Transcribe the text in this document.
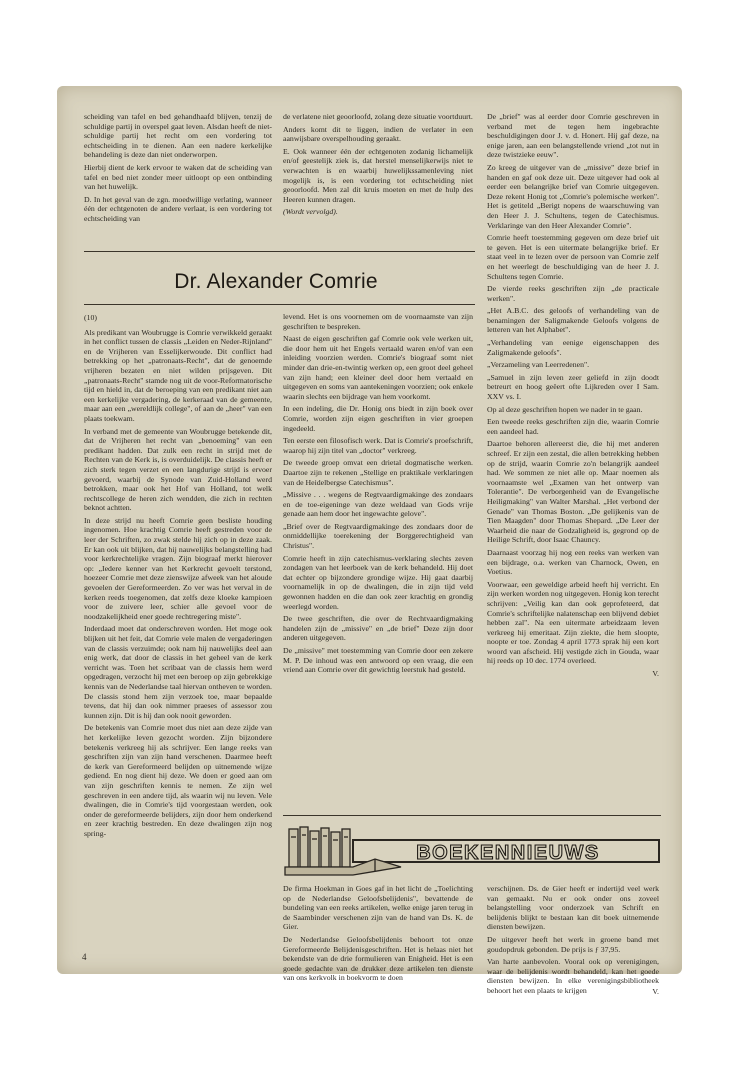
scheiding van tafel en bed gehandhaafd blijven, tenzij de schuldige partij in overspel gaat leven. Alsdan heeft de niet-schuldige partij het recht om een vordering tot echtscheiding in te dienen. Aan een nadere kerkelijke behandeling is deze dan niet onderworpen.

Hierbij dient de kerk ervoor te waken dat de scheiding van tafel en bed niet zonder meer uitloopt op een ontbinding van het huwelijk.

D. In het geval van de zgn. moedwillige verlating, wanneer één der echtgenoten de andere verlaat, is een vordering tot echtscheiding van

de verlatene niet geoorloofd, zolang deze situatie voortduurt.

Anders komt dit te liggen, indien de verlater in een aanwijsbare overspelhouding geraakt.

E. Ook wanneer één der echtgenoten zodanig lichamelijk en/of geestelijk ziek is, dat herstel menselijkerwijs niet te verwachten is en waarbij huwelijkssamenleving niet mogelijk is, is een vordering tot echtscheiding niet geoorloofd. Men zal dit kruis moeten en met de hulp des Heeren kunnen dragen.

(Wordt vervolgd).

Dr. Alexander Comrie

(10)

Als predikant van Woubrugge is Comrie verwikkeld geraakt in het conflict tussen de classis „Leiden en Neder-Rijnland" en de Vrijheren van Esselijkerwoude. Dit conflict had betrekking op het „patronaats-Recht", dat de genoemde vrijheren bezaten en niet wilden prijsgeven. Dit „patronaats-Recht" stamde nog uit de voor-Reformatorische tijd en hield in, dat de beroeping van een predikant niet aan een kerkelijke vergadering, de kerkeraad van de gemeente, maar aan een „wereldlijk college", of aan de „heer" van een plaats toekwam.

In verband met de gemeente van Woubrugge betekende dit, dat de Vrijheren het recht van „benoeming" van een predikant hadden. Dat zulk een recht in strijd met de Rechten van de Kerk is, is overduidelijk. De classis heeft er zich sterk tegen verzet en een langdurige strijd is ervoer gevoerd, waarbij de Synode van Zuid-Holland werd betrokken, maar ook het Hof van Holland, tot welk rechtscollege de heren zich wendden, die zich in rechten beknot achtten.

In deze strijd nu heeft Comrie geen besliste houding ingenomen. Hoe krachtig Comrie heeft gestreden voor de leer der Schriften, zo zwak stelde hij zich op in deze zaak. Er kan ook uit blijken, dat hij nauwelijks belangstelling had voor kerkrechtelijke vragen. Zijn biograaf merkt hierover op: „Iedere kenner van het Kerkrecht gevoelt terstond, hoezeer Comrie met deze zienswijze afweek van het aloude gevoelen der Gereformeerden. Zo ver was het verval in de kerken reeds toegenomen, dat zelfs deze kloeke kampioen voor de zuivere leer, schier alle gevoel voor de noodzakelijkheid ener goede rechtregering miste".

Inderdaad moet dat onderschreven worden. Het moge ook blijken uit het feit, dat Comrie vele malen de vergaderingen van de classis verzuimde; ook nam hij nauwelijks deel aan enig werk, dat door de classis in het geheel van de kerk verricht was. Toen het scribaat van de classis hem werd opgedragen, verzocht hij met een beroep op zijn gebrekkige kennis van de Nederlandse taal hiervan ontheven te worden. De classis stond hem zijn verzoek toe, maar bepaalde tevens, dat hij dan ook nimmer praeses of assessor zou kunnen zijn. Dit is hij dan ook nooit geworden.

De betekenis van Comrie moet dus niet aan deze zijde van het kerkelijke leven gezocht worden. Zijn bijzondere betekenis verkreeg hij als schrijver. Een lange reeks van geschriften zijn van zijn hand verschenen. Daarmee heeft de kerk van Gereformeerd belijden op uitnemende wijze gediend. En nog dient hij deze. We doen er goed aan om van zijn geschriften kennis te nemen. Ze zijn wel geschreven in een andere tijd, als waarin wij nu leven. Vele dwalingen, die in Comrie's tijd voorgestaan werden, ook onder de gereformeerde belijders, zijn door hem onderkend en zeer krachtig bestreden. En deze dwalingen zijn nog spring-

levend. Het is ons voornemen om de voornaamste van zijn geschriften te bespreken.

Naast de eigen geschriften gaf Comrie ook vele werken uit, die door hem uit het Engels vertaald waren en/of van een inleiding voorzien werden. Comrie's biograaf somt niet minder dan drie-en-twintig werken op, een groot deel geheel van zijn hand; een kleiner deel door hem vertaald en uitgegeven en soms van aantekeningen voorzien; ook enkele waarin slechts een bijdrage van hem voorkomt.

In een indeling, die Dr. Honig ons biedt in zijn boek over Comrie, worden zijn eigen geschriften in vier groepen ingedeeld.

Ten eerste een filosofisch werk. Dat is Comrie's proefschrift, waarop hij zijn titel van „doctor" verkreeg.

De tweede groep omvat een drietal dogmatische werken. Daartoe zijn te rekenen „Stellige en praktikale verklaringen van de Heidelbergse Catechismus".

„Missive . . . wegens de Regtvaardigmakinge des zondaars en de toe-eigeninge van deze weldaad van Gods vrije genade aan hem door het ingewachte gelove".

„Brief over de Regtvaardigmakinge des zondaars door de onmiddellijke toerekening der Borggerechtigheid van Christus".

Comrie heeft in zijn catechismus-verklaring slechts zeven zondagen van het leerboek van de kerk behandeld. Hij doet dat echter op bijzondere grondige wijze. Hij gaat daarbij voornamelijk in op de dwalingen, die in zijn tijd veld gewonnen hadden en die dan ook zeer krachtig en grondig weerlegd worden.

De twee geschriften, die over de Rechtvaardigmaking handelen zijn de „missive" en „de brief" Deze zijn door anderen uitgegeven.

De „missive" met toestemming van Comrie door een zekere M. P. De inhoud was een antwoord op een vraag, die een vriend aan Comrie over dit gewichtig leerstuk had gesteld.

De „brief" was al eerder door Comrie geschreven in verband met de tegen hem ingebrachte beschuldigingen door J. v. d. Honert. Hij gaf deze, na enige jaren, aan een belangstellende vriend „tot nut in deze twistzieke eeuw".

Zo kreeg de uitgever van de „missive" deze brief in handen en gaf ook deze uit. Deze uitgever had ook al eerder een belangrijke brief van Comrie uitgegeven. Deze rekent Honig tot „Comrie's polemische werken". Het is getiteld „Berigt nopens de waarschuwing van den Heer J. J. Schultens, tegen de Catechismus. Verklaringe van den Heer Alexander Comrie".

Comrie heeft toestemming gegeven om deze brief uit te geven. Het is een uitermate belangrijke brief. Er staat veel in te lezen over de persoon van Comrie zelf en het weerlegt de beschuldiging van de heer J. J. Schultens tegen Comrie.

De vierde reeks geschriften zijn „de practicale werken".

„Het A.B.C. des geloofs of verhandeling van de benamingen der Saligmakende Geloofs volgens de letteren van het Alphabet".

„Verhandeling van eenige eigenschappen des Zaligmakende geloofs".

„Verzameling van Leerredenen".

„Samuel in zijn leven zeer geliefd in zijn doodt betreurt en hoog geëert ofte Lijkreden over I Sam. XXV vs. I.

Op al deze geschriften hopen we nader in te gaan.

Een tweede reeks geschriften zijn die, waarin Comrie een aandeel had.

Daartoe behoren allereerst die, die hij met anderen schreef. Er zijn een zestal, die allen betrekking hebben op de strijd, waarin Comrie zo'n belangrijk aandeel had. We sommen ze niet alle op. Maar noemen als voornaamste wel „Examen van het ontwerp van Tolerantie". De verborgenheid van de Evangelische Heiligmaking" van Walter Marshal. „Het verbond der Genade" van Thomas Boston. „De gelijkenis van de Tien Maagden" door Thomas Shepard. „De Leer der Waarheid die naar de Godzaligheid is, gegrond op de Heilige Schrift, door Isaac Chauncy.

Daarnaast voorzag hij nog een reeks van werken van een bijdrage, o.a. werken van Charnock, Owen, en Voetius.

Voorwaar, een geweldige arbeid heeft hij verricht. En zijn werken worden nog uitgegeven. Honig kon terecht schrijven: „Veilig kan dan ook geprofeteerd, dat Comrie's schriftelijke nalatenschap een blijvend debiet hebben zal". Na een uitermate arbeidzaam leven verkreeg hij emeritaat. Zijn ziekte, die hem sloopte, noopte er toe. Zondag 4 april 1773 sprak hij een kort woord van afscheid. Hij vestigde zich in Gouda, waar hij reeds op 10 dec. 1774 overleed.

V.

BOEKENNIEUWS

De firma Hoekman in Goes gaf in het licht de „Toelichting op de Nederlandse Geloofsbelijdenis", bevattende de bundeling van een reeks artikelen, welke enige jaren terug in de Saambinder verschenen zijn van de hand van Ds. K. de Gier.

De Nederlandse Geloofsbelijdenis behoort tot onze Gereformeerde Belijdenisgeschriften. Het is helaas niet het bekendste van de drie formulieren van Enigheid. Het is een goede gedachte van de drukker deze artikelen ten dienste van ons kerkvolk in boekvorm te doen

verschijnen. Ds. de Gier heeft er indertijd veel werk van gemaakt. Nu er ook onder ons zoveel belangstelling voor onderzoek van Schrift en belijdenis blijkt te bestaan kan dit boek uitnemende diensten bewijzen.

De uitgever heeft het werk in groene band met goudopdruk gebonden. De prijs is ƒ 37,95.

Van harte aanbevolen. Vooral ook op verenigingen, waar de belijdenis wordt behandeld, kan het goede diensten bewijzen. In elke verenigingsbibliotheek behoort het een plaats te krijgen	V.

4
